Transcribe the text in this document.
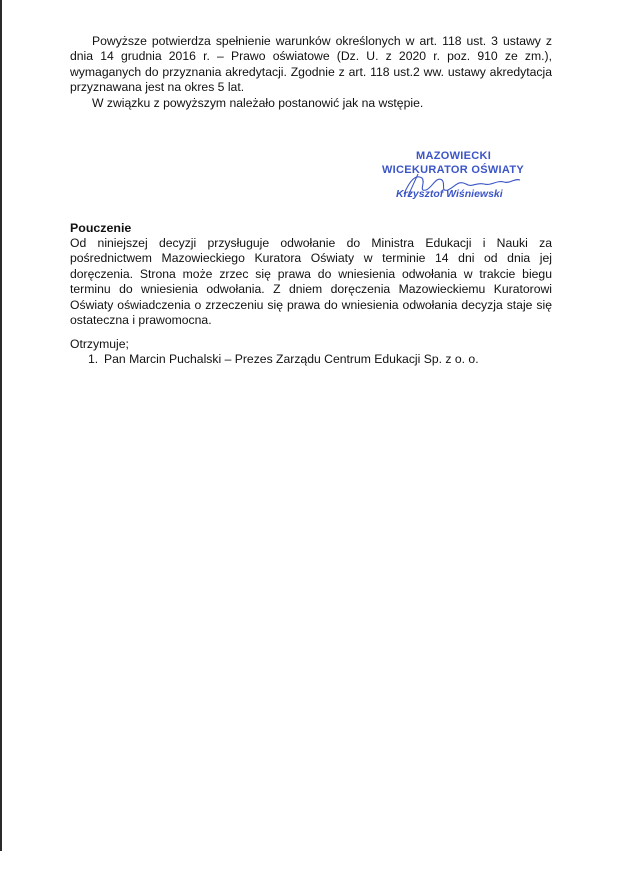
Powyższe potwierdza spełnienie warunków określonych w art. 118 ust. 3 ustawy z dnia 14 grudnia 2016 r. – Prawo oświatowe (Dz. U. z 2020 r. poz. 910 ze zm.), wymaganych do przyznania akredytacji. Zgodnie z art. 118 ust.2 ww. ustawy akredytacja przyznawana jest na okres 5 lat.
W związku z powyższym należało postanowić jak na wstępie.
MAZOWIECKI
WICEKURATOR OŚWIATY
Krzysztof Wiśniewski
Pouczenie
Od niniejszej decyzji przysługuje odwołanie do Ministra Edukacji i Nauki za pośrednictwem Mazowieckiego Kuratora Oświaty w terminie 14 dni od dnia jej doręczenia. Strona może zrzec się prawa do wniesienia odwołania w trakcie biegu terminu do wniesienia odwołania. Z dniem doręczenia Mazowieckiemu Kuratorowi Oświaty oświadczenia o zrzeczeniu się prawa do wniesienia odwołania decyzja staje się ostateczna i prawomocna.
Otrzymuje;
1. Pan Marcin Puchalski – Prezes Zarządu Centrum Edukacji Sp. z o. o.
